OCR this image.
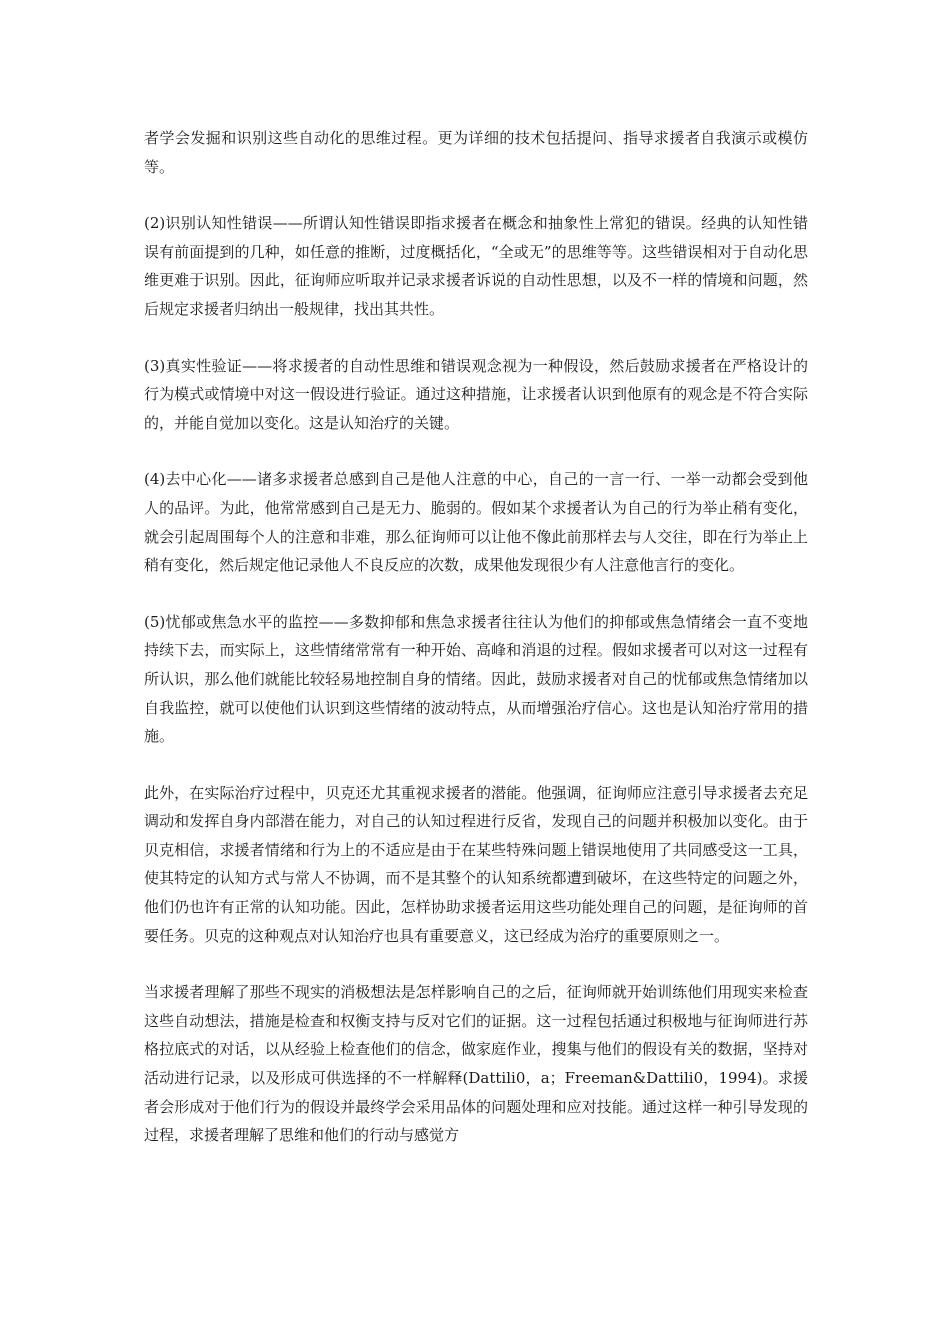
者学会发掘和识别这些自动化的思维过程。更为详细的技术包括提问、指导求援者自我演示或模仿等。

(2)识别认知性错误——所谓认知性错误即指求援者在概念和抽象性上常犯的错误。经典的认知性错误有前面提到的几种，如任意的推断，过度概括化，“全或无”的思维等等。这些错误相对于自动化思维更难于识别。因此，征询师应听取并记录求援者诉说的自动性思想，以及不一样的情境和问题，然后规定求援者归纳出一般规律，找出其共性。

(3)真实性验证——将求援者的自动性思维和错误观念视为一种假设，然后鼓励求援者在严格设计的行为模式或情境中对这一假设进行验证。通过这种措施，让求援者认识到他原有的观念是不符合实际的，并能自觉加以变化。这是认知治疗的关键。

(4)去中心化——诸多求援者总感到自己是他人注意的中心，自己的一言一行、一举一动都会受到他人的品评。为此，他常常感到自己是无力、脆弱的。假如某个求援者认为自己的行为举止稍有变化，就会引起周围每个人的注意和非难，那么征询师可以让他不像此前那样去与人交往，即在行为举止上稍有变化，然后规定他记录他人不良反应的次数，成果他发现很少有人注意他言行的变化。

(5)忧郁或焦急水平的监控——多数抑郁和焦急求援者往往认为他们的抑郁或焦急情绪会一直不变地持续下去，而实际上，这些情绪常常有一种开始、高峰和消退的过程。假如求援者可以对这一过程有所认识，那么他们就能比较轻易地控制自身的情绪。因此，鼓励求援者对自己的忧郁或焦急情绪加以自我监控，就可以使他们认识到这些情绪的波动特点，从而增强治疗信心。这也是认知治疗常用的措施。

此外，在实际治疗过程中，贝克还尤其重视求援者的潜能。他强调，征询师应注意引导求援者去充足调动和发挥自身内部潜在能力，对自己的认知过程进行反省，发现自己的问题并积极加以变化。由于贝克相信，求援者情绪和行为上的不适应是由于在某些特殊问题上错误地使用了共同感受这一工具，使其特定的认知方式与常人不协调，而不是其整个的认知系统都遭到破坏，在这些特定的问题之外，他们仍也许有正常的认知功能。因此，怎样协助求援者运用这些功能处理自己的问题，是征询师的首要任务。贝克的这种观点对认知治疗也具有重要意义，这已经成为治疗的重要原则之一。

当求援者理解了那些不现实的消极想法是怎样影响自己的之后，征询师就开始训练他们用现实来检查这些自动想法，措施是检查和权衡支持与反对它们的证据。这一过程包括通过积极地与征询师进行苏格拉底式的对话，以从经验上检查他们的信念，做家庭作业，搜集与他们的假设有关的数据，坚持对活动进行记录，以及形成可供选择的不一样解释(Dattili0，a；Freeman&Dattili0，1994)。求援者会形成对于他们行为的假设并最终学会采用品体的问题处理和应对技能。通过这样一种引导发现的过程，求援者理解了思维和他们的行动与感觉方
